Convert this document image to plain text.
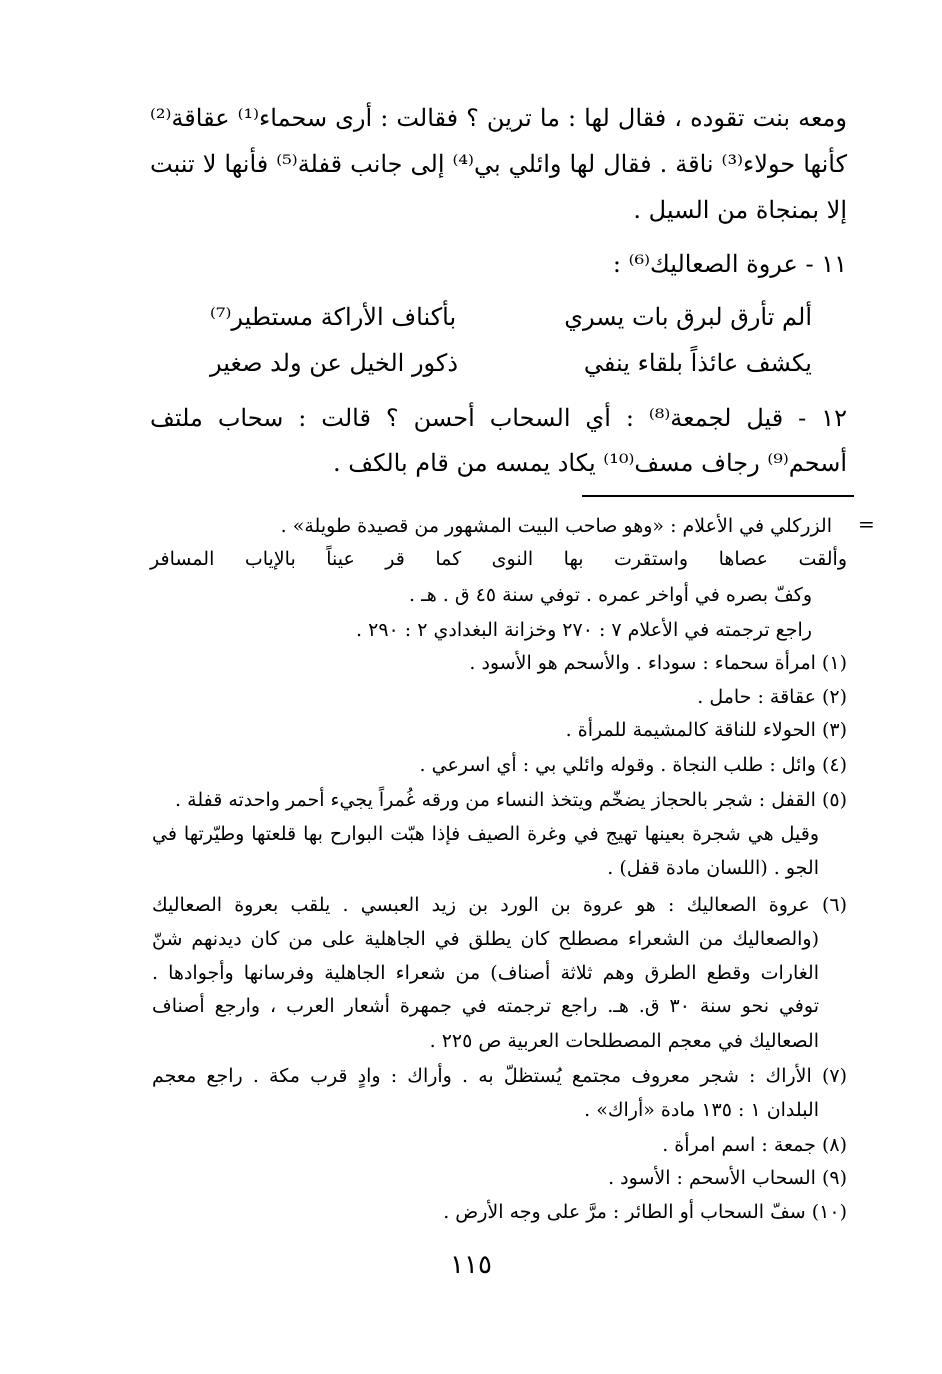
ومعه بنت تقوده ، فقال لها : ما ترين ؟ فقالت : أرى سحماء⁽¹⁾ عقاقة⁽²⁾
كأنها حولاء⁽³⁾ ناقة . فقال لها وائلي بي⁽⁴⁾ إلى جانب قفلة⁽⁵⁾ فأنها لا تنبت
إلا بمنجاة من السيل .
١١ - عروة الصعاليك⁽⁶⁾ :
ألم تأرق لبرق بات يسري
بأكناف الأراكة مستطير⁽⁷⁾
يكشف عائذاً بلقاء ينفي
ذكور الخيل عن ولد صغير
١٢ - قيل لجمعة⁽⁸⁾ : أي السحاب أحسن ؟ قالت : سحاب ملتف
أسحم⁽⁹⁾ رجاف مسف⁽¹⁰⁾ يكاد يمسه من قام بالكف .
=
الزركلي في الأعلام : «وهو صاحب البيت المشهور من قصيدة طويلة» .
وألقت عصاها واستقرت بها النوى كما قر عيناً بالإياب المسافر
وكفّ بصره في أواخر عمره . توفي سنة ٤٥ ق . هـ .
راجع ترجمته في الأعلام ٧ : ٢٧٠ وخزانة البغدادي ٢ : ٢٩٠ .
(١) امرأة سحماء : سوداء . والأسحم هو الأسود .
(٢) عقاقة : حامل .
(٣) الحولاء للناقة كالمشيمة للمرأة .
(٤) وائل : طلب النجاة . وقوله وائلي بي : أي اسرعي .
(٥) القفل : شجر بالحجاز يضخّم ويتخذ النساء من ورقه غُمراً يجيء أحمر واحدته قفلة .
وقيل هي شجرة بعينها تهيج في وغرة الصيف فإذا هبّت البوارح بها قلعتها وطيّرتها في
الجو . (اللسان مادة قفل) .
(٦) عروة الصعاليك : هو عروة بن الورد بن زيد العبسي . يلقب بعروة الصعاليك
(والصعاليك من الشعراء مصطلح كان يطلق في الجاهلية على من كان ديدنهم شنّ
الغارات وقطع الطرق وهم ثلاثة أصناف) من شعراء الجاهلية وفرسانها وأجوادها .
توفي نحو سنة ٣٠ ق. هـ. راجع ترجمته في جمهرة أشعار العرب ، وارجع أصناف
الصعاليك في معجم المصطلحات العربية ص ٢٢٥ .
(٧) الأراك : شجر معروف مجتمع يُستظلّ به . وأراك : وادٍ قرب مكة . راجع معجم
البلدان ١ : ١٣٥ مادة «أراك» .
(٨) جمعة : اسم امرأة .
(٩) السحاب الأسحم : الأسود .
(١٠) سفّ السحاب أو الطائر : مرَّ على وجه الأرض .
١١٥
